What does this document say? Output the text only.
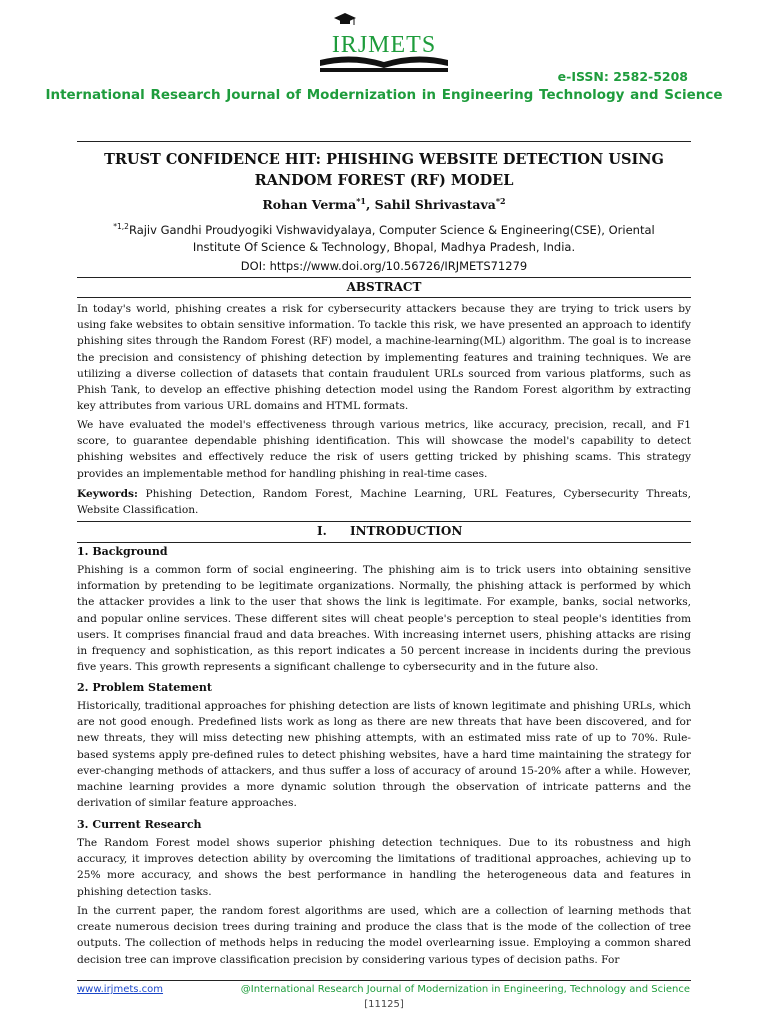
IRJMETS
e-ISSN: 2582-5208
International Research Journal of Modernization in Engineering Technology and Science
TRUST CONFIDENCE HIT: PHISHING WEBSITE DETECTION USING RANDOM FOREST (RF) MODEL
Rohan Verma$^{*1}$, Sahil Shrivastava$^{*2}$
$^{*1,2}$Rajiv Gandhi Proudyogiki Vishwavidyalaya, Computer Science & Engineering(CSE), Oriental Institute Of Science & Technology, Bhopal, Madhya Pradesh, India.
DOI: https://www.doi.org/10.56726/IRJMETS71279
ABSTRACT

In today's world, phishing creates a risk for cybersecurity attackers because they are trying to trick users by using fake websites to obtain sensitive information. To tackle this risk, we have presented an approach to identify phishing sites through the Random Forest (RF) model, a machine-learning(ML) algorithm. The goal is to increase the precision and consistency of phishing detection by implementing features and training techniques. We are utilizing a diverse collection of datasets that contain fraudulent URLs sourced from various platforms, such as Phish Tank, to develop an effective phishing detection model using the Random Forest algorithm by extracting key attributes from various URL domains and HTML formats.

We have evaluated the model's effectiveness through various metrics, like accuracy, precision, recall, and F1 score, to guarantee dependable phishing identification. This will showcase the model's capability to detect phishing websites and effectively reduce the risk of users getting tricked by phishing scams. This strategy provides an implementable method for handling phishing in real-time cases.

Keywords: Phishing Detection, Random Forest, Machine Learning, URL Features, Cybersecurity Threats, Website Classification.

I. INTRODUCTION
1. Background

Phishing is a common form of social engineering. The phishing aim is to trick users into obtaining sensitive information by pretending to be legitimate organizations. Normally, the phishing attack is performed by which the attacker provides a link to the user that shows the link is legitimate. For example, banks, social networks, and popular online services. These different sites will cheat people's perception to steal people's identities from users. It comprises financial fraud and data breaches. With increasing internet users, phishing attacks are rising in frequency and sophistication, as this report indicates a 50 percent increase in incidents during the previous five years. This growth represents a significant challenge to cybersecurity and in the future also.

2. Problem Statement

Historically, traditional approaches for phishing detection are lists of known legitimate and phishing URLs, which are not good enough. Predefined lists work as long as there are new threats that have been discovered, and for new threats, they will miss detecting new phishing attempts, with an estimated miss rate of up to 70%. Rule-based systems apply pre-defined rules to detect phishing websites, have a hard time maintaining the strategy for ever-changing methods of attackers, and thus suffer a loss of accuracy of around 15-20% after a while. However, machine learning provides a more dynamic solution through the observation of intricate patterns and the derivation of similar feature approaches.

3. Current Research

The Random Forest model shows superior phishing detection techniques. Due to its robustness and high accuracy, it improves detection ability by overcoming the limitations of traditional approaches, achieving up to 25% more accuracy, and shows the best performance in handling the heterogeneous data and features in phishing detection tasks.

In the current paper, the random forest algorithms are used, which are a collection of learning methods that create numerous decision trees during training and produce the class that is the mode of the collection of tree outputs. The collection of methods helps in reducing the model overlearning issue. Employing a common shared decision tree can improve classification precision by considering various types of decision paths. For

www.irjmets.com	@International Research Journal of Modernization in Engineering, Technology and Science
[11125]
